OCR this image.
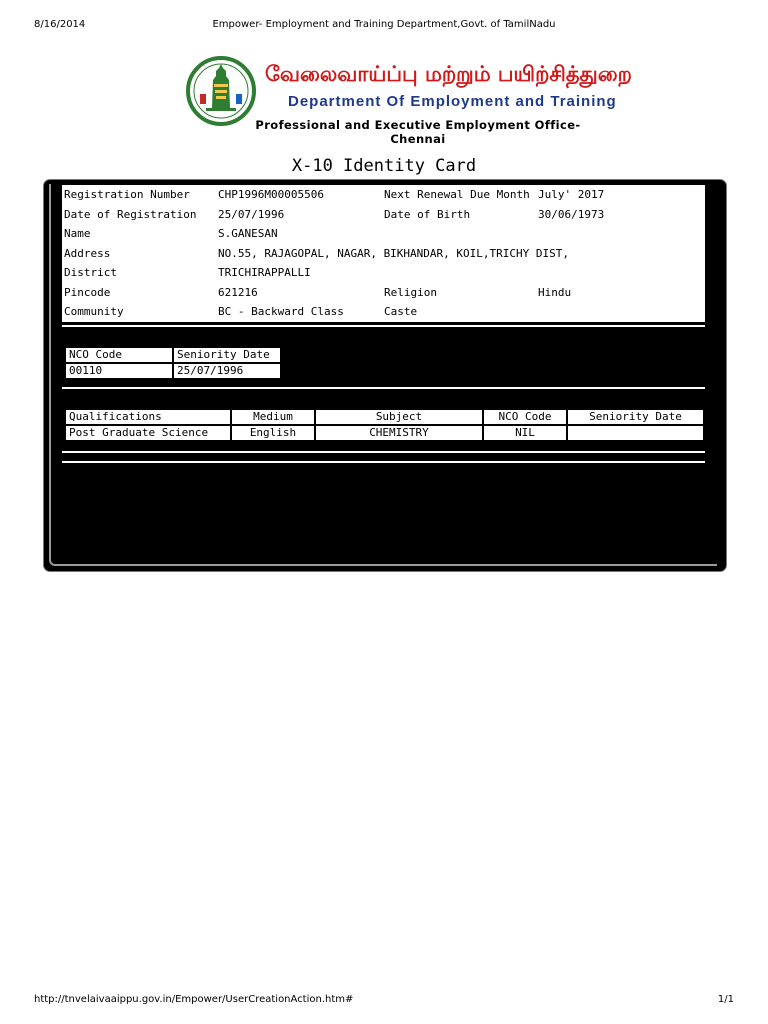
8/16/2014	Empower- Employment and Training Department,Govt. of TamilNadu
வேலைவாய்ப்பு மற்றும் பயிற்சித்துறை
Department Of Employment and Training
Professional and Executive Employment Office-
Chennai
X-10 Identity Card
Registration Number	CHP1996M00005506	Next Renewal Due Month July' 2017
Date of Registration 25/07/1996	Date of Birth	30/06/1973
Name	S.GANESAN
Address	NO.55, RAJAGOPAL, NAGAR, BIKHANDAR, KOIL,TRICHY DIST,
District	TRICHIRAPPALLI
Pincode	621216	Religion	Hindu
Community	BC - Backward Class	Caste
NCO Code	Seniority Date
00110	25/07/1996
Qualifications	Medium	Subject	NCO Code	Seniority Date
Post Graduate Science	English	CHEMISTRY	NIL	
http://tnvelaivaaippu.gov.in/Empower/UserCreationAction.htm#	1/1
